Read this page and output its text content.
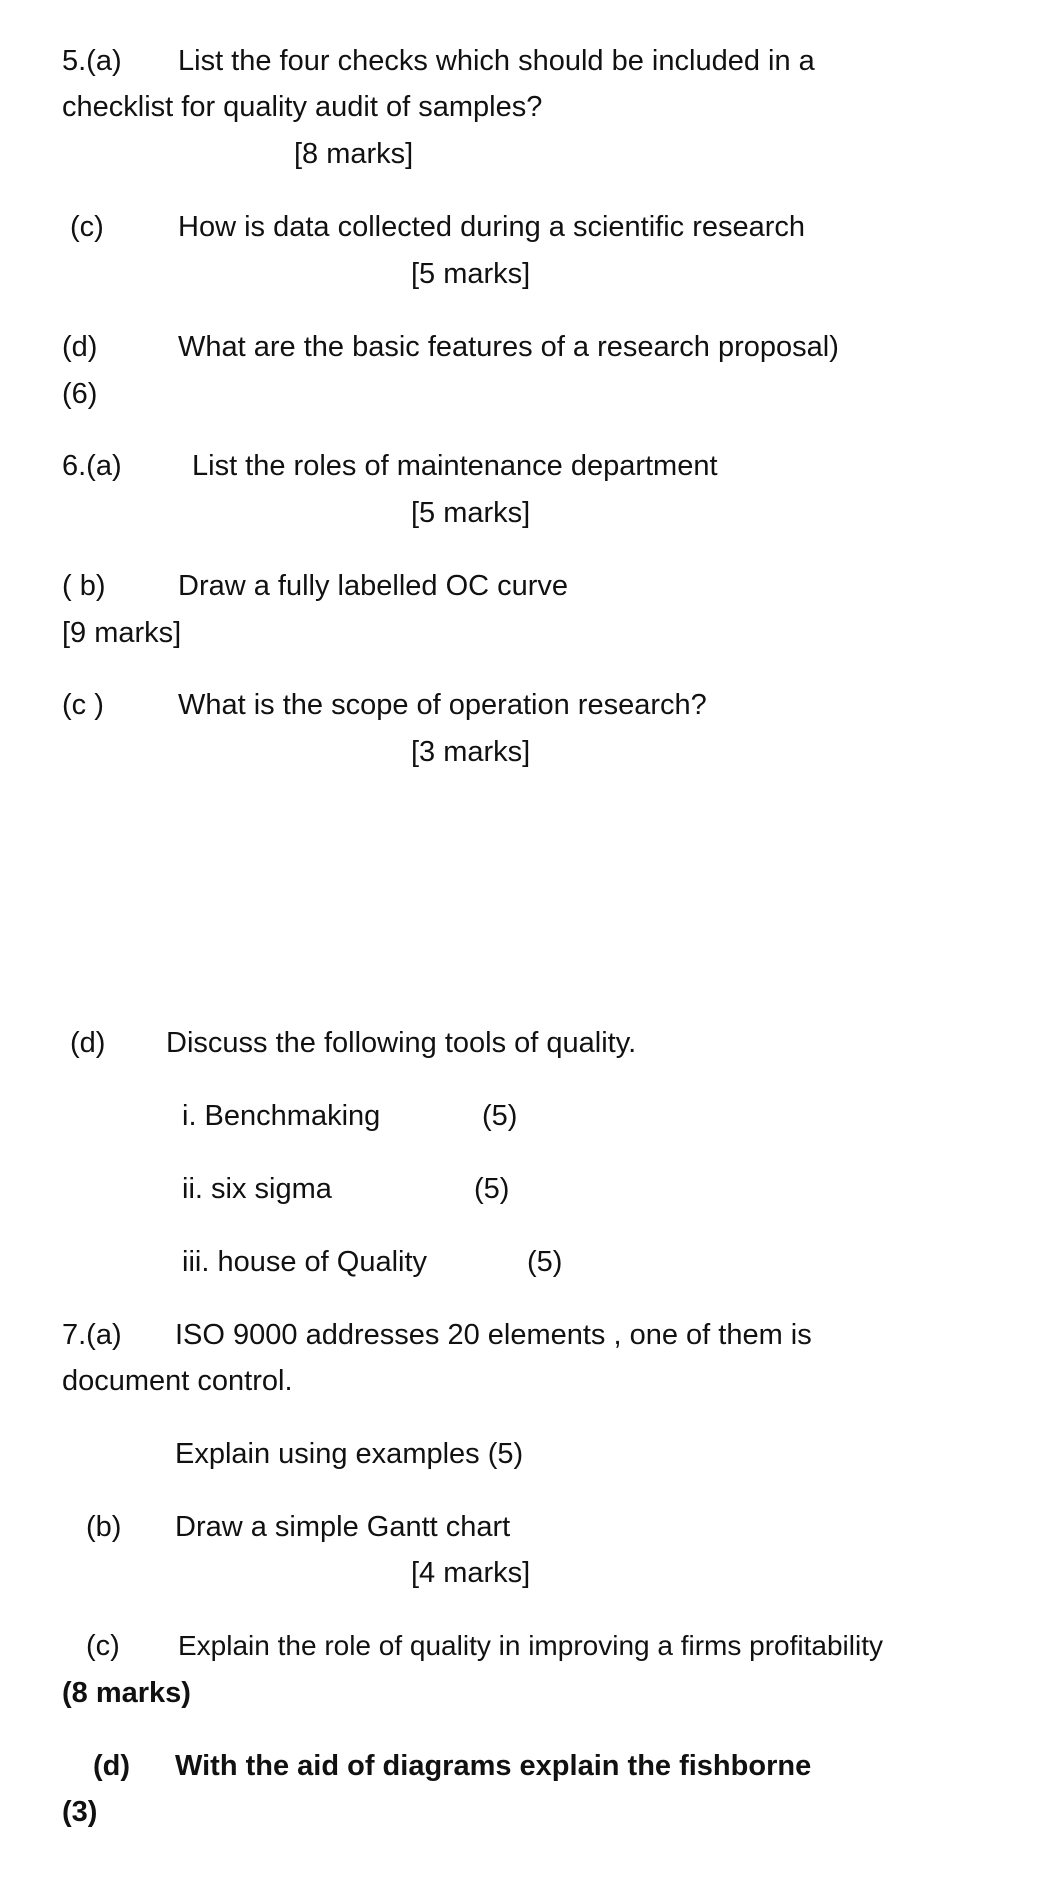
5.(a) List the four checks which should be included in a
checklist for quality audit of samples?
[8 marks]
(c)	How is data collected during a scientific research
[5 marks]
(d)	What are the basic features of a research proposal)
(6)
6.(a) List the roles of maintenance department
[5 marks]
( b)	Draw a fully labelled OC curve
[9 marks]
(c )	What is the scope of operation research?
[3 marks]
(d) Discuss the following tools of quality.
i. Benchmaking	(5)
ii. six sigma	(5)
iii. house of Quality	(5)
7.(a) ISO 9000 addresses 20 elements , one of them is
document control.
Explain using examples (5)
(b) Draw a simple Gantt chart
[4 marks]
(c) Explain the role of quality in improving a firms profitability
(8 marks)
(d) With the aid of diagrams explain the fishborne
(3)
